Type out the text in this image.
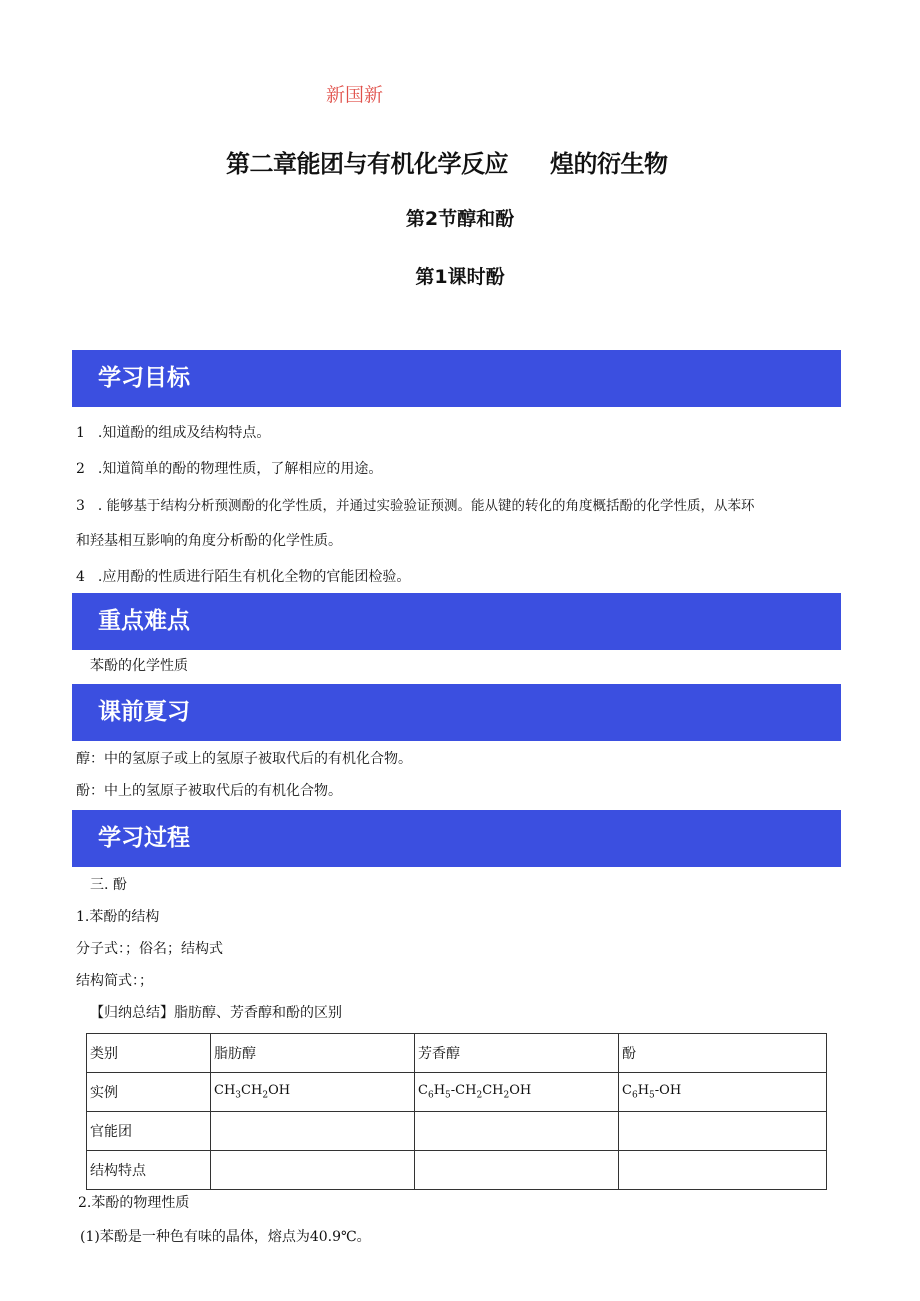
新国新
第二章能团与有机化学反应 煌的衍生物
第2节醇和酚
第1课时酚
学习目标
1 .知道酚的组成及结构特点。
2 .知道简单的酚的物理性质，了解相应的用途。
3 . 能够基于结构分析预测酚的化学性质，并通过实验验证预测。能从键的转化的角度概括酚的化学性质，从苯环
和羟基相互影响的角度分析酚的化学性质。
4 .应用酚的性质进行陌生有机化全物的官能团检验。
重点难点
苯酚的化学性质
课前夏习
醇：中的氢原子或上的氢原子被取代后的有机化合物。
酚：中上的氢原子被取代后的有机化合物。
学习过程
三. 酚
1.苯酚的结构
分子式：；俗名；结构式
结构简式：；
【归纳总结】脂肪醇、芳香醇和酚的区别
类别	脂肪醇	芳香醇	酚
实例	$CH_3CH_2OH$	$C_6H_5-CH_2CH_2OH$	$C_6H_5-OH$
官能团			
结构特点			
2.苯酚的物理性质
(1)苯酚是一种色有味的晶体，熔点为40.9℃。
